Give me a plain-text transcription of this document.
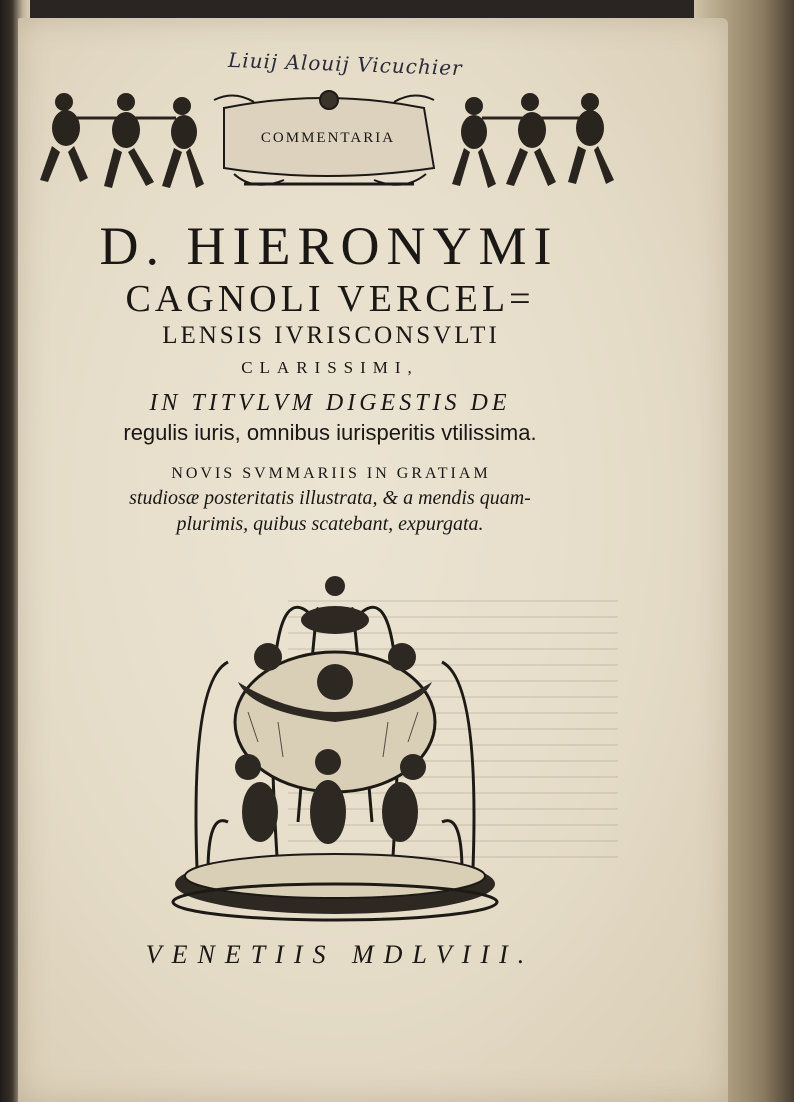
Liuij Alouij Vicuchier
COMMENTARIA
D. HIERONYMI
CAGNOLI VERCEL=
LENSIS IVRISCONSVLTI
CLARISSIMI,
IN TITVLVM DIGESTIS DE
regulis iuris, omnibus iurisperitis vtilissima.
NOVIS SVMMARIIS IN GRATIAM
studiosæ posteritatis illustrata, & a mendis quam-
plurimis, quibus scatebant, expurgata.
VENETIIS MDLVIII.
